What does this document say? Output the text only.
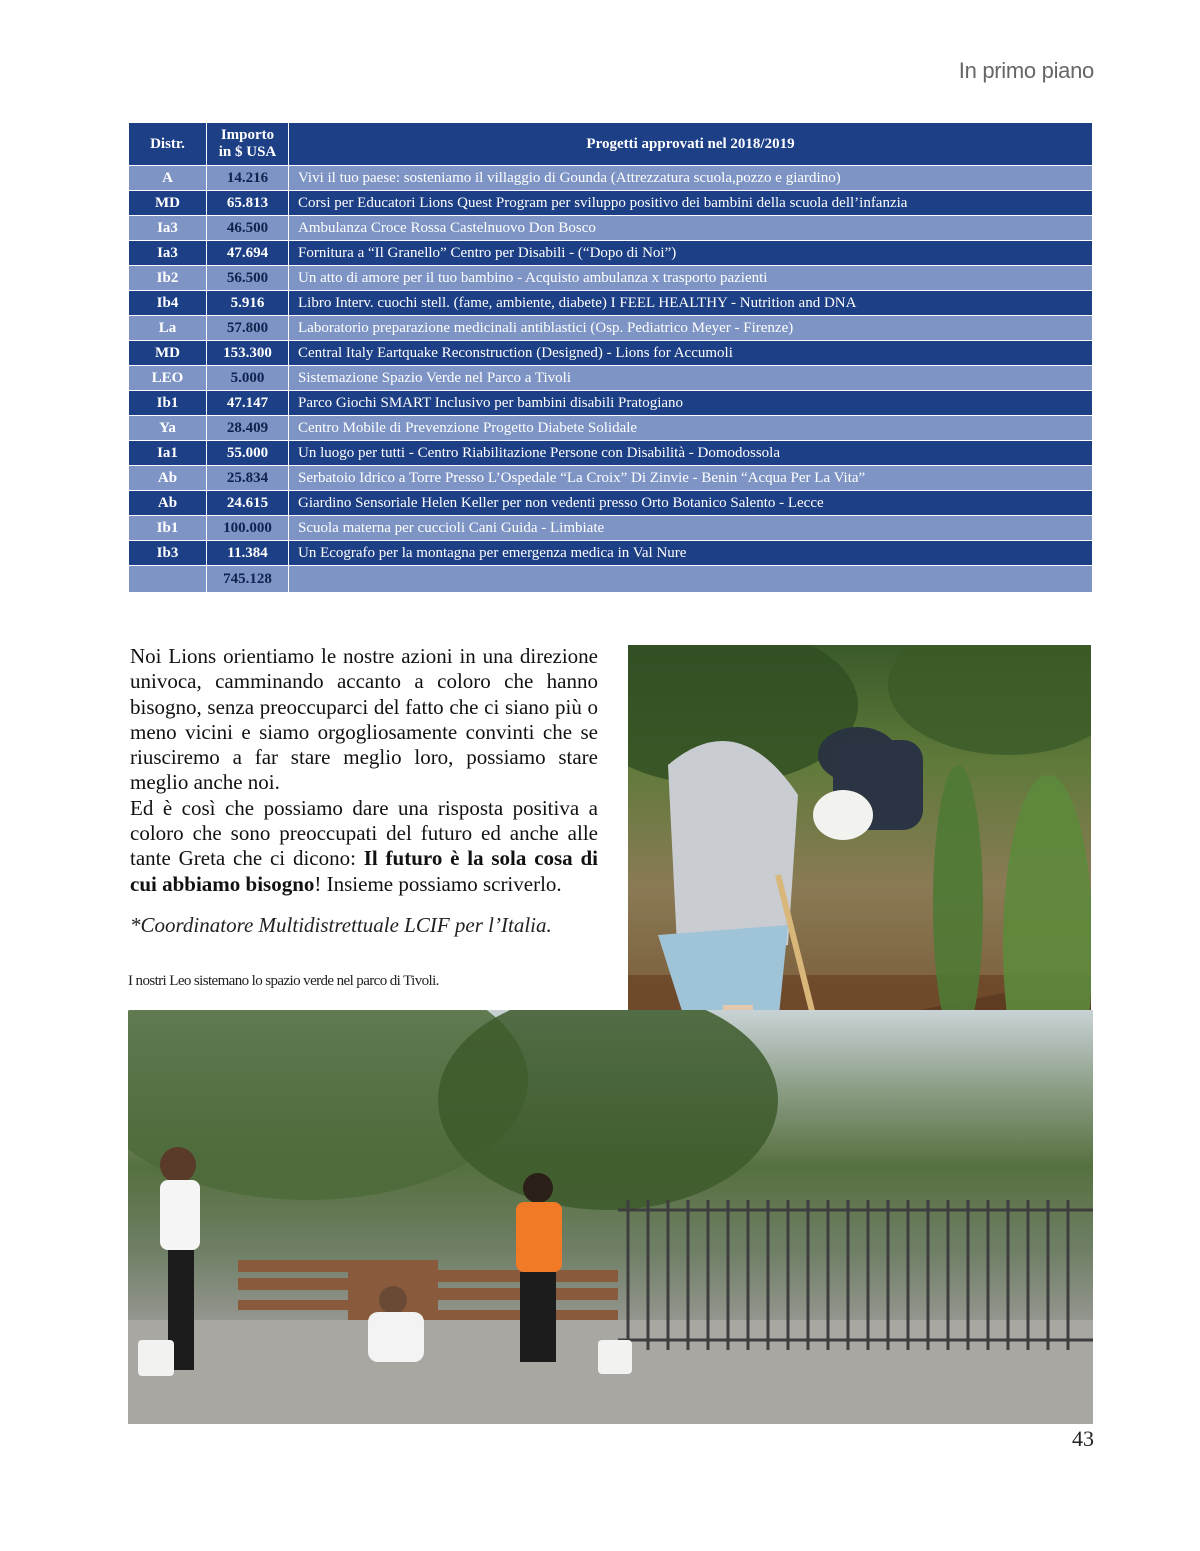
In primo piano
Distr.	Importo in $ USA	Progetti approvati nel 2018/2019
A	14.216	Vivi il tuo paese: sosteniamo il villaggio di Gounda (Attrezzatura scuola,pozzo e giardino)
MD	65.813	Corsi per Educatori Lions Quest Program per sviluppo positivo dei bambini della scuola dell’infanzia
Ia3	46.500	Ambulanza Croce Rossa Castelnuovo Don Bosco
Ia3	47.694	Fornitura a “Il Granello” Centro per Disabili - (“Dopo di Noi”)
Ib2	56.500	Un atto di amore per il tuo bambino - Acquisto ambulanza x trasporto pazienti
Ib4	5.916	Libro Interv. cuochi stell. (fame, ambiente, diabete) I FEEL HEALTHY - Nutrition and DNA
La	57.800	Laboratorio preparazione medicinali antiblastici (Osp. Pediatrico Meyer - Firenze)
MD	153.300	Central Italy Eartquake Reconstruction (Designed) - Lions for Accumoli
LEO	5.000	Sistemazione Spazio Verde nel Parco a Tivoli
Ib1	47.147	Parco Giochi SMART Inclusivo per bambini disabili Pratogiano
Ya	28.409	Centro Mobile di Prevenzione Progetto Diabete Solidale
Ia1	55.000	Un luogo per tutti - Centro Riabilitazione Persone con Disabilità - Domodossola
Ab	25.834	Serbatoio Idrico a Torre Presso L’Ospedale “La Croix” Di Zinvie - Benin “Acqua Per La Vita”
Ab	24.615	Giardino Sensoriale Helen Keller per non vedenti presso Orto Botanico Salento - Lecce
Ib1	100.000	Scuola materna per cuccioli Cani Guida - Limbiate
Ib3	11.384	Un Ecografo per la montagna per emergenza medica in Val Nure
	745.128	

Noi Lions orientiamo le nostre azioni in una direzione univoca, camminando accanto a coloro che hanno bisogno, senza preoccuparci del fatto che ci siano più o meno vicini e siamo orgogliosamente convinti che se riusciremo a far stare meglio loro, possiamo stare meglio anche noi.

Ed è così che possiamo dare una risposta positiva a coloro che sono preoccupati del futuro ed anche alle tante Greta che ci dicono: Il futuro è la sola cosa di cui abbiamo bisogno! Insieme possiamo scriverlo.

*Coordinatore Multidistrettuale LCIF per l’Italia.
I nostri Leo sistemano lo spazio verde nel parco di Tivoli.
43
